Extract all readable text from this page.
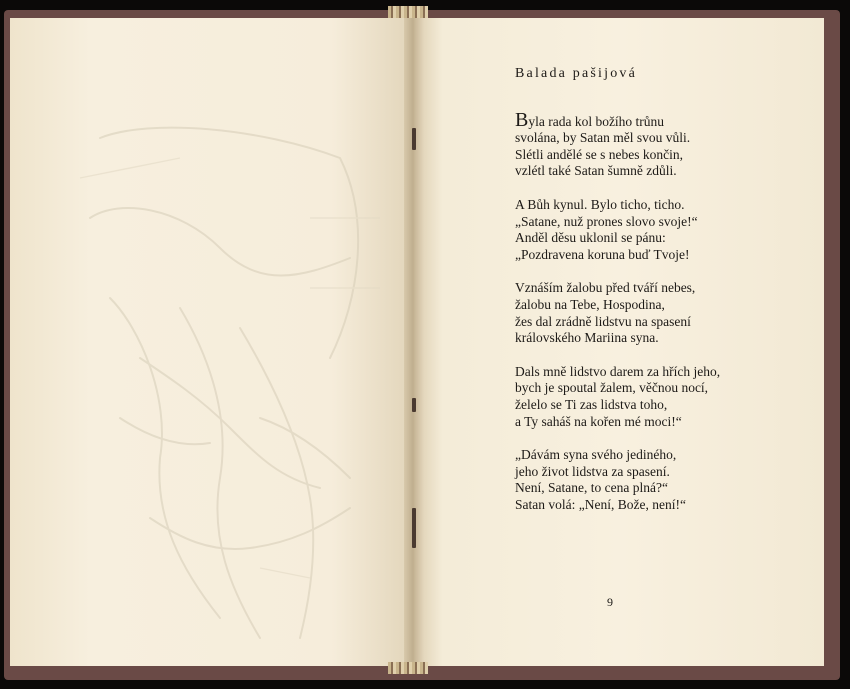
Balada pašijová
Byla rada kol božího trůnu
svolána, by Satan měl svou vůli.
Slétli andělé se s nebes končin,
vzlétl také Satan šumně zdůli.
A Bůh kynul. Bylo ticho, ticho.
„Satane, nuž prones slovo svoje!“
Anděl děsu uklonil se pánu:
„Pozdravena koruna buď Tvoje!
Vznáším žalobu před tváří nebes,
žalobu na Tebe, Hospodina,
žes dal zrádně lidstvu na spasení
královského Mariina syna.
Dals mně lidstvo darem za hřích jeho,
bych je spoutal žalem, věčnou nocí,
želelo se Ti zas lidstva toho,
a Ty saháš na kořen mé moci!“
„Dávám syna svého jediného,
jeho život lidstva za spasení.
Není, Satane, to cena plná?“
Satan volá: „Není, Bože, není!“
9
